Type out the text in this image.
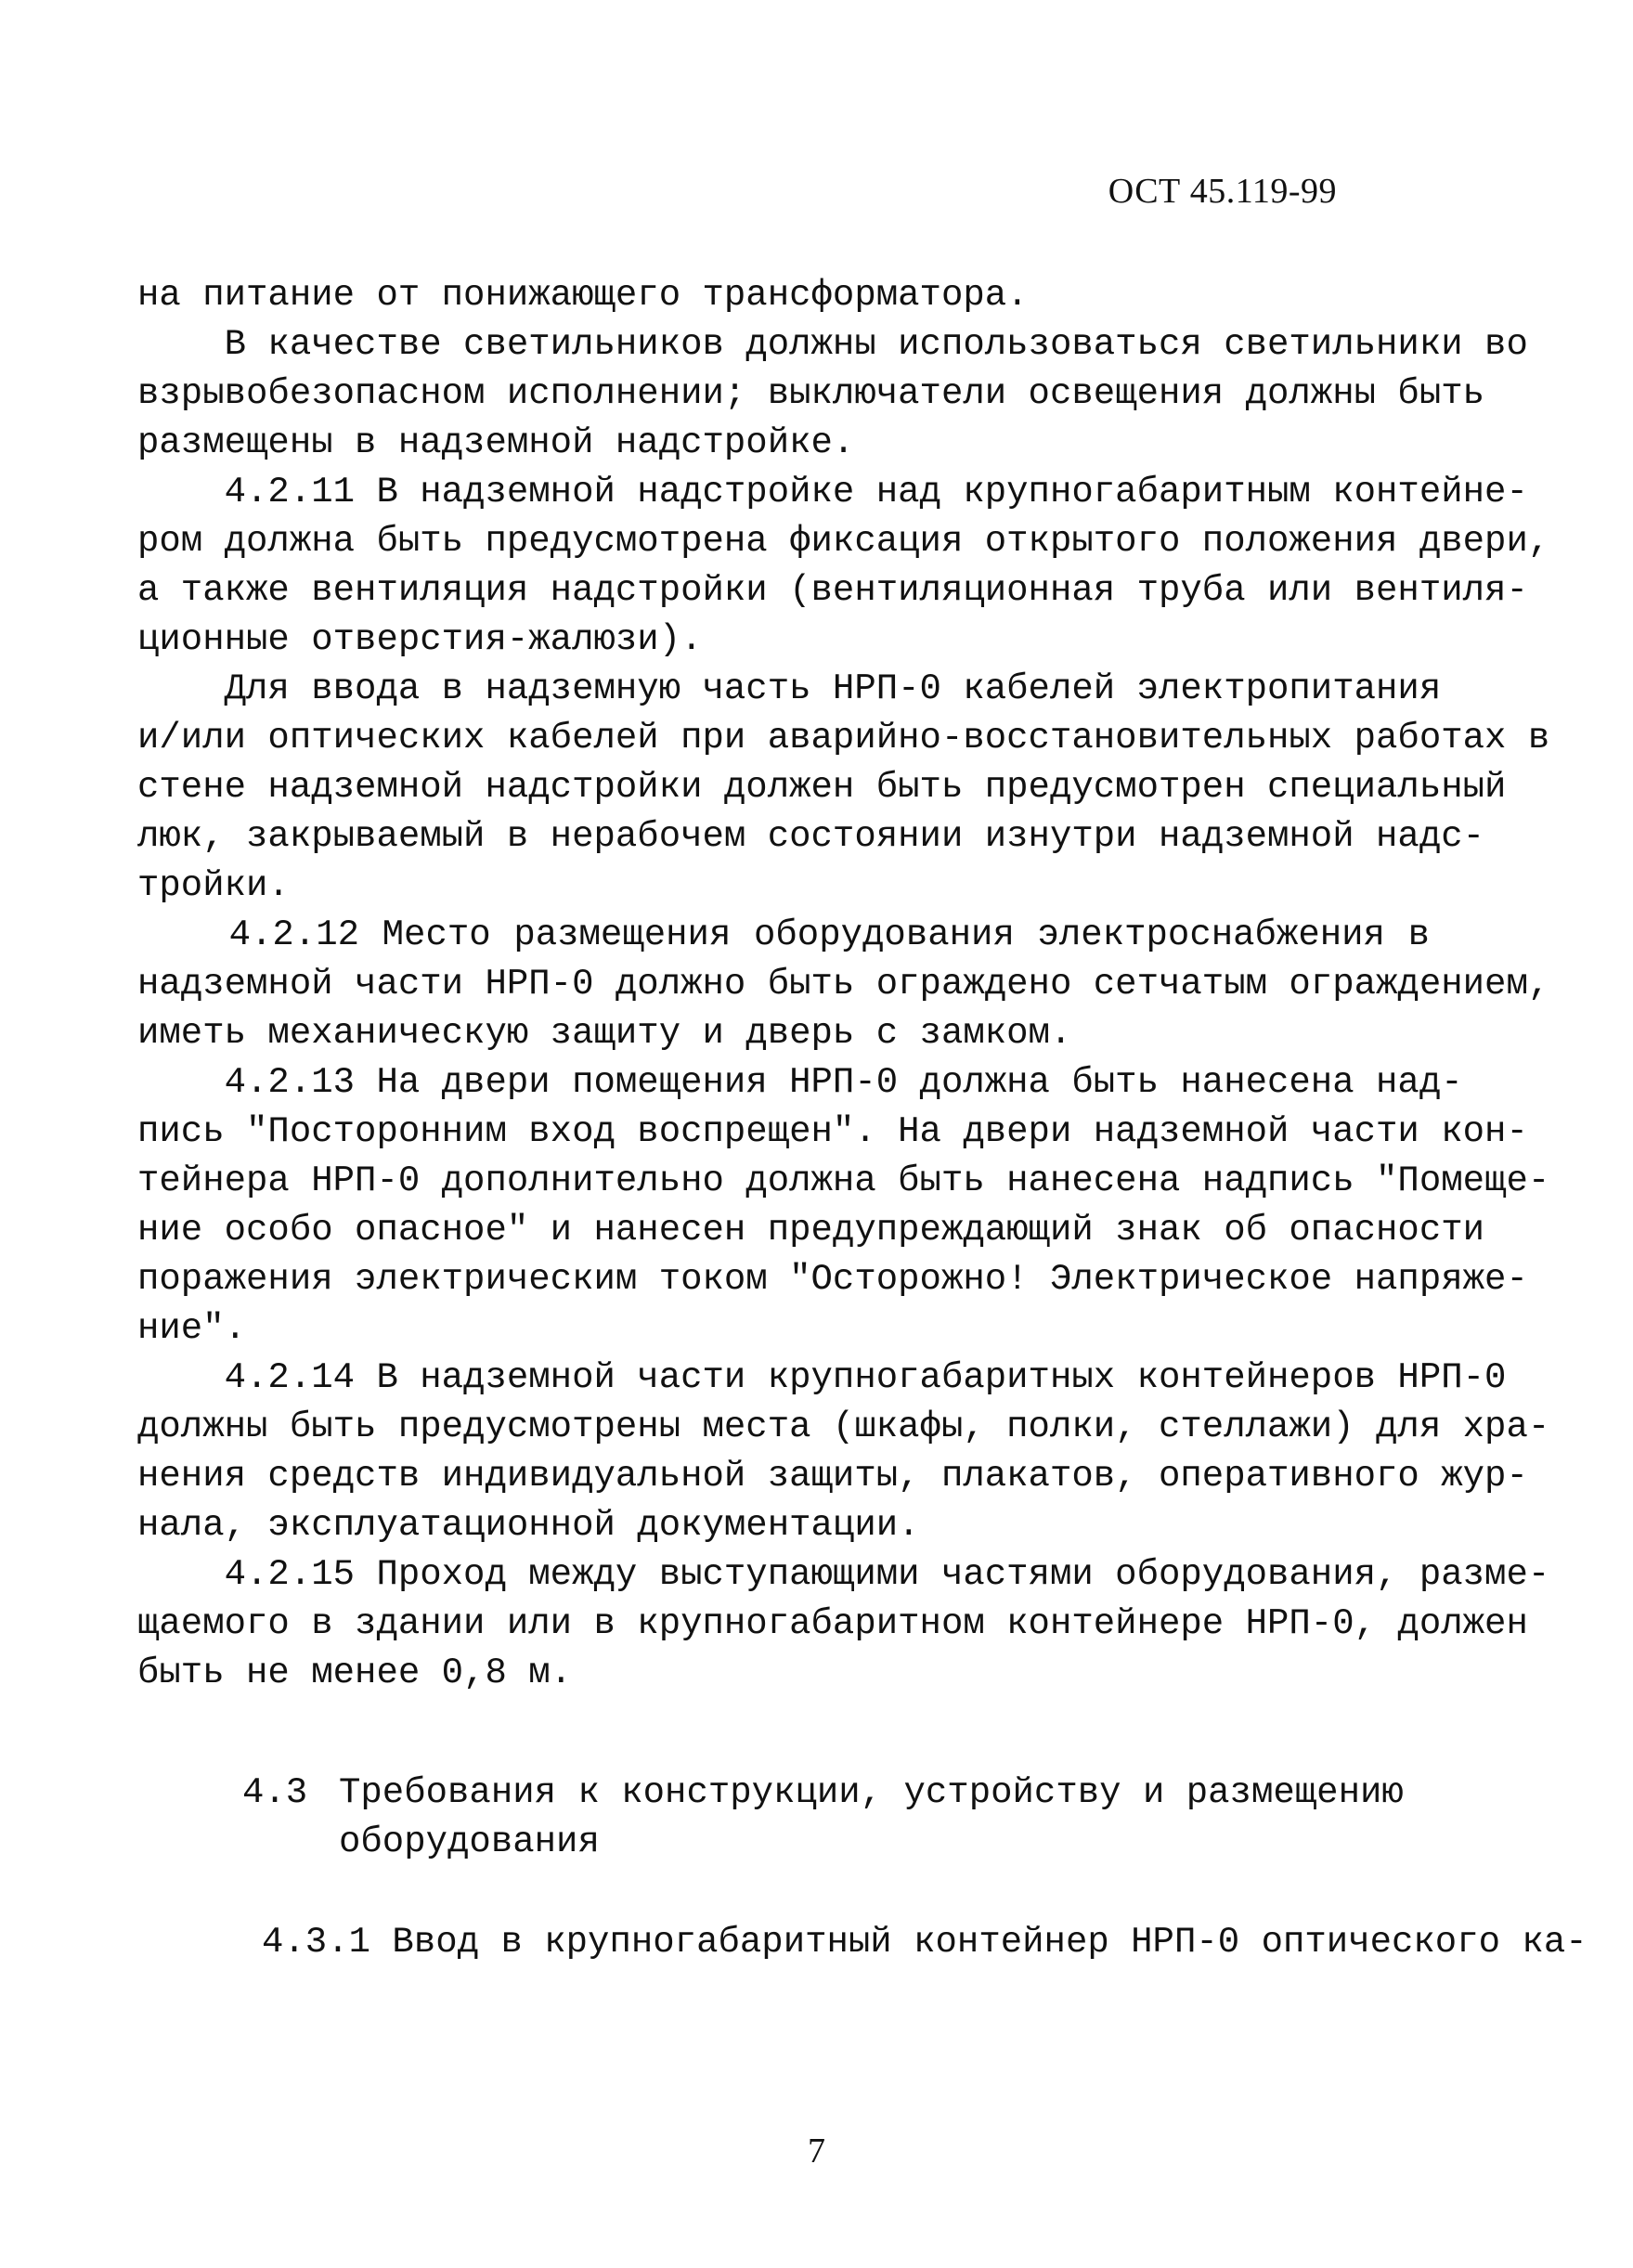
ОСТ 45.119-99
на питание от понижающего трансформатора.
В качестве светильников должны использоваться светильники во
взрывобезопасном исполнении; выключатели освещения должны быть
размещены в надземной надстройке.
4.2.11 В надземной надстройке над крупногабаритным контейне-
ром должна быть предусмотрена фиксация открытого положения двери,
а также вентиляция надстройки (вентиляционная труба или вентиля-
ционные отверстия-жалюзи).
Для ввода в надземную часть НРП-0 кабелей электропитания
и/или оптических кабелей при аварийно-восстановительных работах в
стене надземной надстройки должен быть предусмотрен специальный
люк, закрываемый в нерабочем состоянии изнутри надземной надс-
тройки.
4.2.12 Место размещения оборудования электроснабжения в
надземной части НРП-0 должно быть ограждено сетчатым ограждением,
иметь механическую защиту и дверь с замком.
4.2.13 На двери помещения НРП-0 должна быть нанесена над-
пись "Посторонним вход воспрещен". На двери надземной части кон-
тейнера НРП-0 дополнительно должна быть нанесена надпись "Помеще-
ние особо опасное" и нанесен предупреждающий знак об опасности
поражения электрическим током "Осторожно! Электрическое напряже-
ние".
4.2.14 В надземной части крупногабаритных контейнеров НРП-0
должны быть предусмотрены места (шкафы, полки, стеллажи) для хра-
нения средств индивидуальной защиты, плакатов, оперативного жур-
нала, эксплуатационной документации.
4.2.15 Проход между выступающими частями оборудования, разме-
щаемого в здании или в крупногабаритном контейнере НРП-0, должен
быть не менее 0,8 м.
4.3 Требования к конструкции, устройству и размещению
оборудования
4.3.1 Ввод в крупногабаритный контейнер НРП-0 оптического ка-
7
